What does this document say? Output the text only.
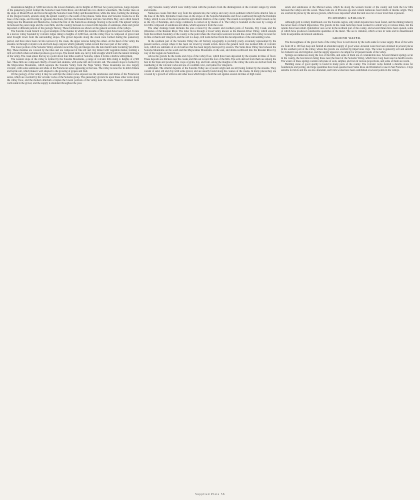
mountainous heights of 3,000 feet above the lowest channels, and to heights of 800 feet two years previous. Large deposits of the quaternary gravel formed the Sonoma Creek Table River, and divided into two distinct watersheds. The former rises on the slope of Mount Hood and flows through the Sonoma Creek Valley and Russian River, while the latter, forming the drainage of the Oregon branch, extends along the upland country to the south of the plateau. Santa Rosa and Sonoma Creek rise at the base of the range, and flowing in opposite directions, fall into the Russian River and into San Pablo Bay; and a third branch rising near the Mountain and Mendocino, formed the first of the Santa Rosa drainage flowing to the north. The upland valleys lie between the outer range and the coast hills, and the country between is covered with deposits of sandstone, shale and gravel deposited at different periods of the geologic history. These formations are shown on the general sections of the valleys.

The Sonoma Creek branch is a good example of the manner in which the streams of this region have been formed. It runs in a narrow valley bounded by volcanic ridges rising to heights of 2,000 feet, and the valley floor is composed of gravel and sand brought down from the surrounding slopes. The gravel deposits along the creek were formed during the quaternary period, and have since been cut into terraces by the creek, the upper terraces being the oldest. At the head of the valley the streams cut through volcanic rock and form deep canyons which gradually widen toward the lower part of the valley.

The lower portion of the Sonoma Valley extends toward the bay and merges into the tule marsh lands bordering San Pablo Bay. These marshes are covered by the tides and are composed of fine silt and clay mixed with vegetable matter, forming a rich soil which when reclaimed produces good crops. The marsh lands are cut by tidal sloughs which form the natural drainage of the valley. The creek enters the bay at a point about four miles south of Sonoma, where it forms a shallow embayment.

The western slope of the valley is formed by the Sonoma Mountains, a range of volcanic hills rising to heights of 2,300 feet. These hills are composed chiefly of basalt and andesite, with some tuff and volcanic ash. The eastern slope is formed by the Mayacamas Mountains, which separate the Sonoma Valley from the Napa Valley. These mountains are also largely volcanic, with some sandstone and shale of the Franciscan series appearing at the base. The valley is noted for its mild climate and fertile soil, which make it well adapted to the growing of grapes and fruit.

Of the geology of the valley it may be said that the oldest rocks exposed are the sandstones and shales of the Franciscan series, which are overlaid by the volcanic rocks of the Sonoma group. The quaternary gravels lie upon these older rocks along the valley floor, and the modern alluvium occupies the lowest portions of the valley near the creek. Water is obtained from wells sunk in the gravel, and the supply is abundant throughout the year.

only Sonoma county which were visibly laden with the products from the disintegration of the volcanic ranges by winds and streams.

Numerous creeks find their way from the uplands into the valleys and carry down sediment which forms alluvial fans at the base of the hills. Petaluma Creek rises on the slopes of the Sonoma Mountains and flows southward through the Petaluma Valley, which is one of the most productive agricultural districts of the county. The stream is navigable for small vessels as far as the city of Petaluma, and a large commerce is carried on by means of it. The valley is bounded on the west by a range of low hills composed of sandstone and shale, which separate it from the coast.

The other drainage basin includes the area covered by the eastern and northern parts of Sonoma, Dry Creek, and the tributaries of the Russian River. The latter flows through a broad valley known as the Russian River Valley, which extends from the northern boundary of the county to the point where the river turns westward toward the ocean. This valley is noted for its fine orchards and vineyards, and the soil is a deep, rich loam derived from the decomposition of the surrounding rocks.

In the southern part of the Sonoma Valley the old Tertiary topography is probably pretty accurately represented by the present surface, except where it has been cut down by stream action. Above the general level rise isolated hills of volcanic rock, which are remnants of an old surface that has been largely destroyed by erosion. The Santa Rosa Valley lies between the Sonoma Mountains on the south and the Mayacamas Mountains on the east, and drains northward into the Russian River by way of the Laguna de Santa Rosa.

Above the gravels lie the loams and clays of the valley floor, which have been deposited by the streams in times of flood. These deposits are thickest near the creeks and thin out toward the foot of the hills. The soils derived from them are among the best in the State and produce fine crops of grain, hay, and fruit. Along the margins of the valley the soils are derived from the weathering of the volcanic rocks and are of a reddish color, well suited for vineyards.

Alluvium. The alluvial deposits of the Sonoma Valley are of recent origin and are still being formed by the streams. They consist of sand, silt and clay with some gravel, and are usually found along the courses of the creeks. In many places they are covered by a growth of willows and other trees which help to hold the soil against erosion in times of high water.

sands and sandstones of the Merced series, which lie along the western border of the county and form the low hills between the valleys and the ocean. These beds are of Pliocene age and contain numerous fossil shells of marine origin. They are overlaid in places by the terrace gravels, which were deposited when the land stood at a lower level than at present.

ECONOMIC GEOLOGY.

Although gold is widely distributed over the Sonoma region, only small deposits have been found, and the mining industry has never been of much importance. The gravels in the creek beds have been worked in a small way at various times, but the returns have been small. Quicksilver ores occur in the northern part of the county, and several mines have been opened, some of which have produced considerable quantities of the metal. The ore is cinnabar, which occurs in veins and in disseminated form in serpentine and altered sandstone.

GROUND WATER.

The thoroughness of the gravel beds of the valley floor is well shown by the wells sunk for water supply. Most of the wells are from 20 to 100 feet deep and furnish an abundant supply of good water. Artesian water has been obtained in several places in the southern part of the valley, where the gravels are overlaid by impervious clays. The water is generally soft and suitable for domestic use and irrigation, and the supply appears to be ample for all present needs of the valley.

Springs are numerous along the foot of the hills, and some of them are of considerable size. Several mineral springs occur in the county, the best known being those near the head of the Sonoma Valley, which have long been used as health resorts. The waters of these springs contain carbonate of soda, sulphur, and iron in various proportions, and some of them are warm.

Building stone of good quality is found in many parts of the county. The volcanic rocks furnish a durable stone for foundations and paving, and large quantities have been quarried near Santa Rosa and Petaluma for use in San Francisco. Clays suitable for brick and tile are also abundant, and brick works have been established at several points in the valleys.

Supplied Plate 56
